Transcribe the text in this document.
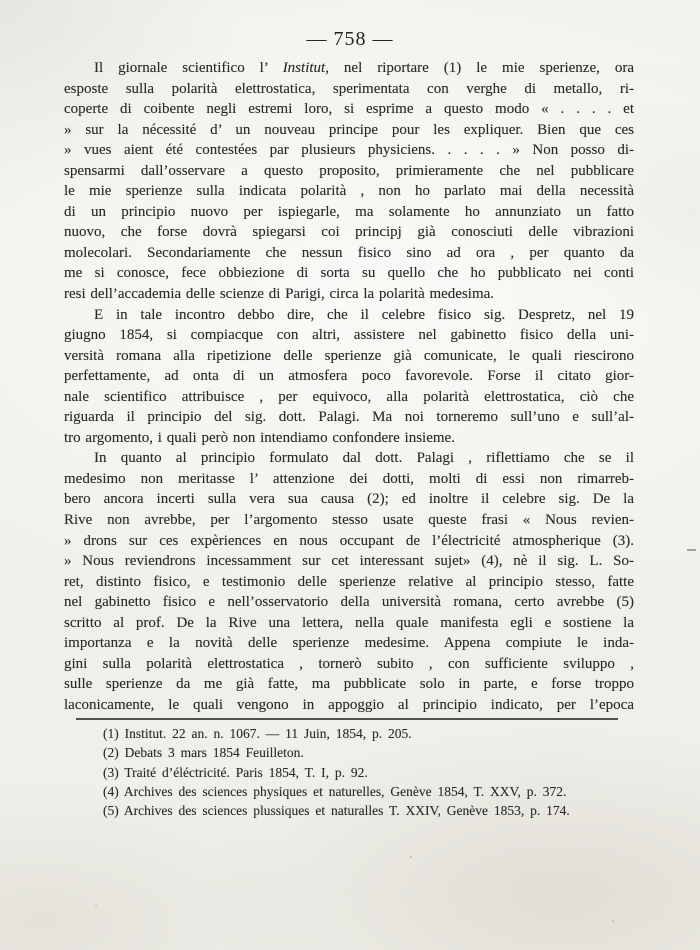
— 758 —
Il giornale scientifico l’ Institut, nel riportare (1) le mie sperienze, ora
esposte sulla polarità elettrostatica, sperimentata con verghe di metallo, ri-
coperte di coibente negli estremi loro, si esprime a questo modo « . . . . et
» sur la nécessité d’ un nouveau principe pour les expliquer. Bien que ces
» vues aient été contestées par plusieurs physiciens. . . . . » Non posso di-
spensarmi dall’osservare a questo proposito, primieramente che nel pubblicare
le mie sperienze sulla indicata polarità , non ho parlato mai della necessità
di un principio nuovo per ispiegarle, ma solamente ho annunziato un fatto
nuovo, che forse dovrà spiegarsi coi principj già conosciuti delle vibrazioni
molecolari. Secondariamente che nessun fisico sino ad ora , per quanto da
me si conosce, fece obbiezione di sorta su quello che ho pubblicato nei conti
resi dell’accademia delle scienze di Parigi, circa la polarità medesima.
E in tale incontro debbo dire, che il celebre fisico sig. Despretz, nel 19
giugno 1854, si compiacque con altri, assistere nel gabinetto fisico della uni-
versità romana alla ripetizione delle sperienze già comunicate, le quali riescirono
perfettamente, ad onta di un atmosfera poco favorevole. Forse il citato gior-
nale scientifico attribuisce , per equivoco, alla polarità elettrostatica, ciò che
riguarda il principio del sig. dott. Palagi. Ma noi torneremo sull’uno e sull’al-
tro argomento, i quali però non intendiamo confondere insieme.
In quanto al principio formulato dal dott. Palagi , riflettiamo che se il
medesimo non meritasse l’ attenzione dei dotti, molti di essi non rimarreb-
bero ancora incerti sulla vera sua causa (2); ed inoltre il celebre sig. De la
Rive non avrebbe, per l’argomento stesso usate queste frasi « Nous revien-
» drons sur ces expèriences en nous occupant de l’électricité atmospherique (3).
» Nous reviendrons incessamment sur cet interessant sujet» (4), nè il sig. L. So-
ret, distinto fisico, e testimonio delle sperienze relative al principio stesso, fatte
nel gabinetto fisico e nell’osservatorio della università romana, certo avrebbe (5)
scritto al prof. De la Rive una lettera, nella quale manifesta egli e sostiene la
importanza e la novità delle sperienze medesime. Appena compiute le inda-
gini sulla polarità elettrostatica , tornerò subito , con sufficiente sviluppo ,
sulle sperienze da me già fatte, ma pubblicate solo in parte, e forse troppo
laconicamente, le quali vengono in appoggio al principio indicato, per l’epoca
(1) Institut. 22 an. n. 1067. — 11 Juin, 1854, p. 205.
(2) Debats 3 mars 1854 Feuilleton.
(3) Traité d’éléctricité. Paris 1854, T. I, p. 92.
(4) Archives des sciences physiques et naturelles, Genève 1854, T. XXV, p. 372.
(5) Archives des sciences plussiques et naturalles T. XXIV, Genève 1853, p. 174.
